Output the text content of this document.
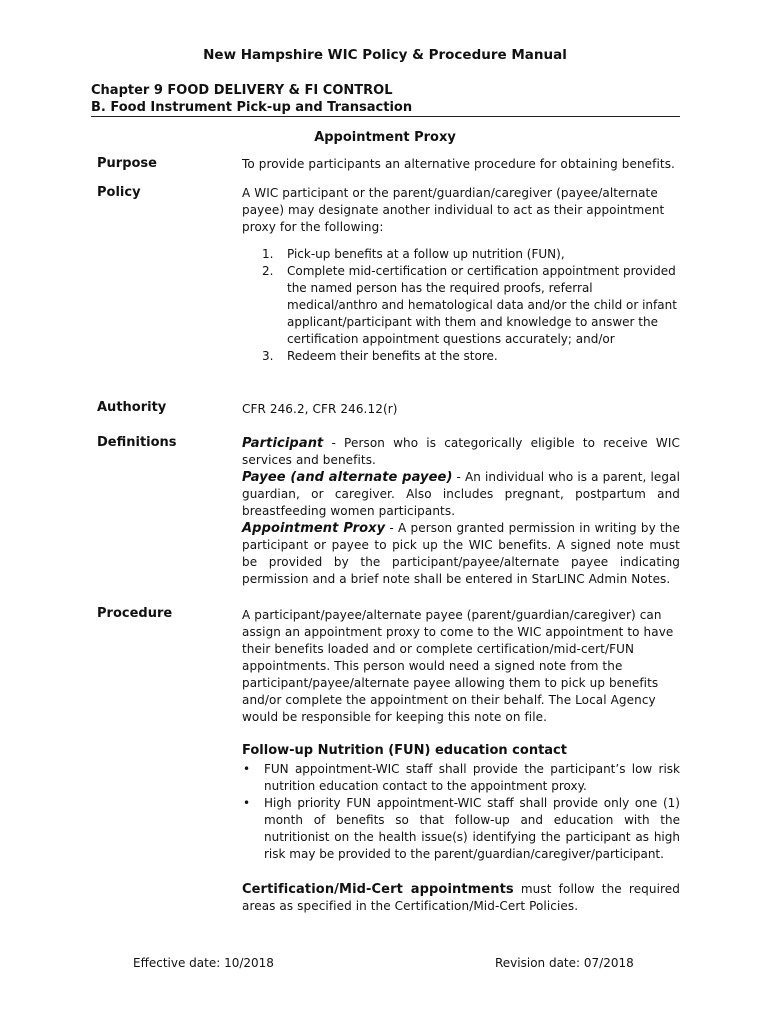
New Hampshire WIC Policy & Procedure Manual
Chapter 9 FOOD DELIVERY & FI CONTROL
B. Food Instrument Pick-up and Transaction
Appointment Proxy
Purpose	To provide participants an alternative procedure for obtaining benefits.
Policy	A WIC participant or the parent/guardian/caregiver (payee/alternate payee) may designate another individual to act as their appointment proxy for the following:
1. Pick-up benefits at a follow up nutrition (FUN),
2. Complete mid-certification or certification appointment provided the named person has the required proofs, referral medical/anthro and hematological data and/or the child or infant applicant/participant with them and knowledge to answer the certification appointment questions accurately; and/or
3. Redeem their benefits at the store.
Authority	CFR 246.2, CFR 246.12(r)
Definitions	Participant - Person who is categorically eligible to receive WIC services and benefits.
Payee (and alternate payee) - An individual who is a parent, legal guardian, or caregiver. Also includes pregnant, postpartum and breastfeeding women participants.
Appointment Proxy - A person granted permission in writing by the participant or payee to pick up the WIC benefits. A signed note must be provided by the participant/payee/alternate payee indicating permission and a brief note shall be entered in StarLINC Admin Notes.
Procedure	A participant/payee/alternate payee (parent/guardian/caregiver) can assign an appointment proxy to come to the WIC appointment to have their benefits loaded and or complete certification/mid-cert/FUN appointments. This person would need a signed note from the participant/payee/alternate payee allowing them to pick up benefits and/or complete the appointment on their behalf. The Local Agency would be responsible for keeping this note on file.
Follow-up Nutrition (FUN) education contact
• FUN appointment-WIC staff shall provide the participant’s low risk nutrition education contact to the appointment proxy.
• High priority FUN appointment-WIC staff shall provide only one (1) month of benefits so that follow-up and education with the nutritionist on the health issue(s) identifying the participant as high risk may be provided to the parent/guardian/caregiver/participant.
Certification/Mid-Cert appointments must follow the required areas as specified in the Certification/Mid-Cert Policies.
Effective date: 10/2018	Revision date: 07/2018
